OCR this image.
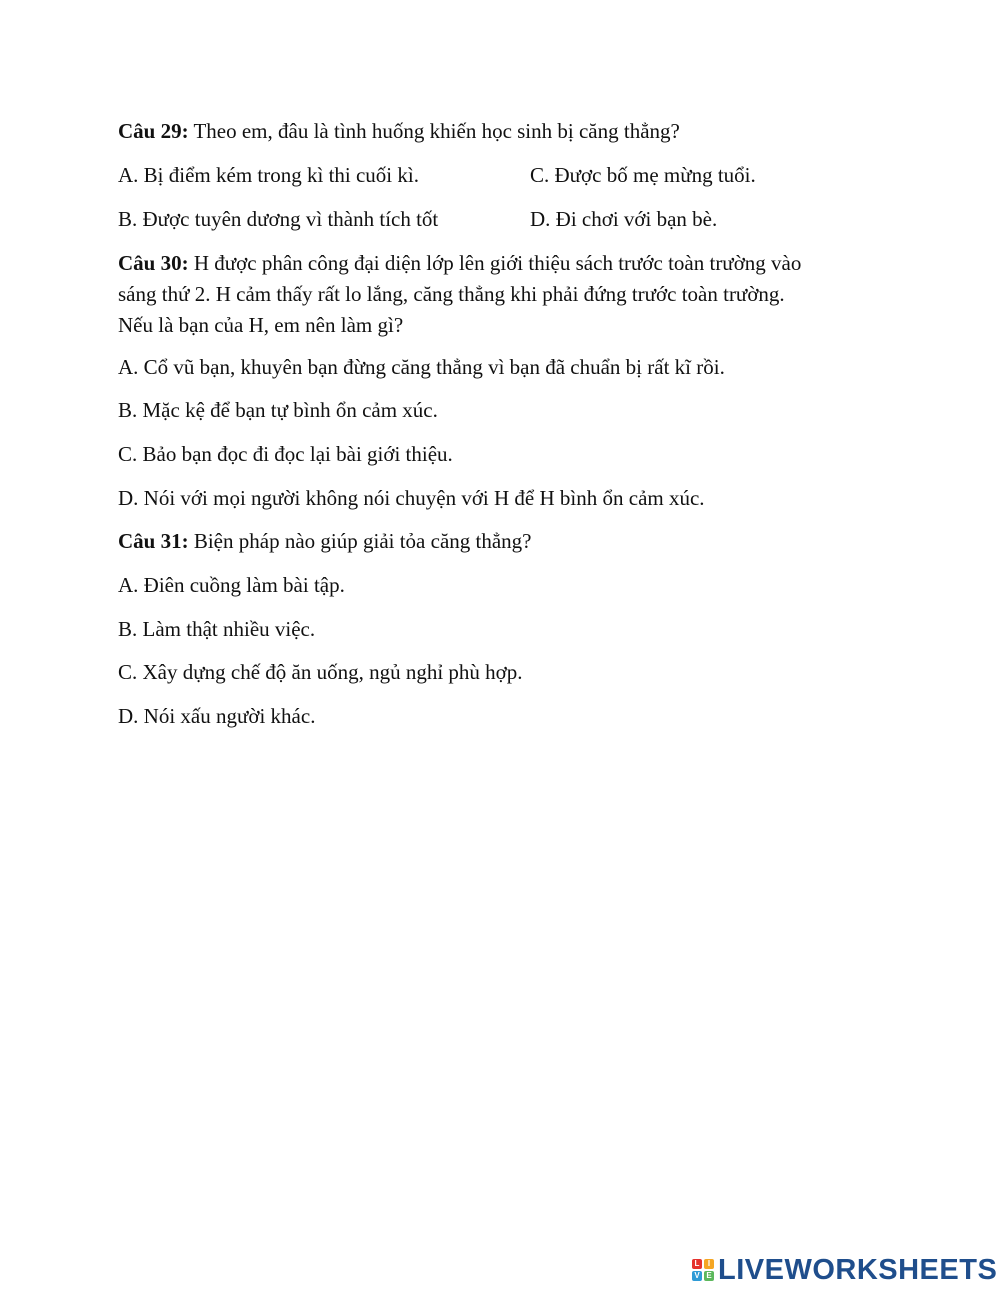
Câu 29: Theo em, đâu là tình huống khiến học sinh bị căng thẳng?
A. Bị điểm kém trong kì thi cuối kì.	C. Được bố mẹ mừng tuổi.
B. Được tuyên dương vì thành tích tốt	D. Đi chơi với bạn bè.
Câu 30: H được phân công đại diện lớp lên giới thiệu sách trước toàn trường vào
sáng thứ 2. H cảm thấy rất lo lắng, căng thẳng khi phải đứng trước toàn trường.
Nếu là bạn của H, em nên làm gì?
A. Cổ vũ bạn, khuyên bạn đừng căng thẳng vì bạn đã chuẩn bị rất kĩ rồi.
B. Mặc kệ để bạn tự bình ổn cảm xúc.
C. Bảo bạn đọc đi đọc lại bài giới thiệu.
D. Nói với mọi người không nói chuyện với H để H bình ổn cảm xúc.
Câu 31: Biện pháp nào giúp giải tỏa căng thẳng?
A. Điên cuồng làm bài tập.
B. Làm thật nhiều việc.
C. Xây dựng chế độ ăn uống, ngủ nghỉ phù hợp.
D. Nói xấu người khác.
L	I
V E LIVEWORKSHEETS
